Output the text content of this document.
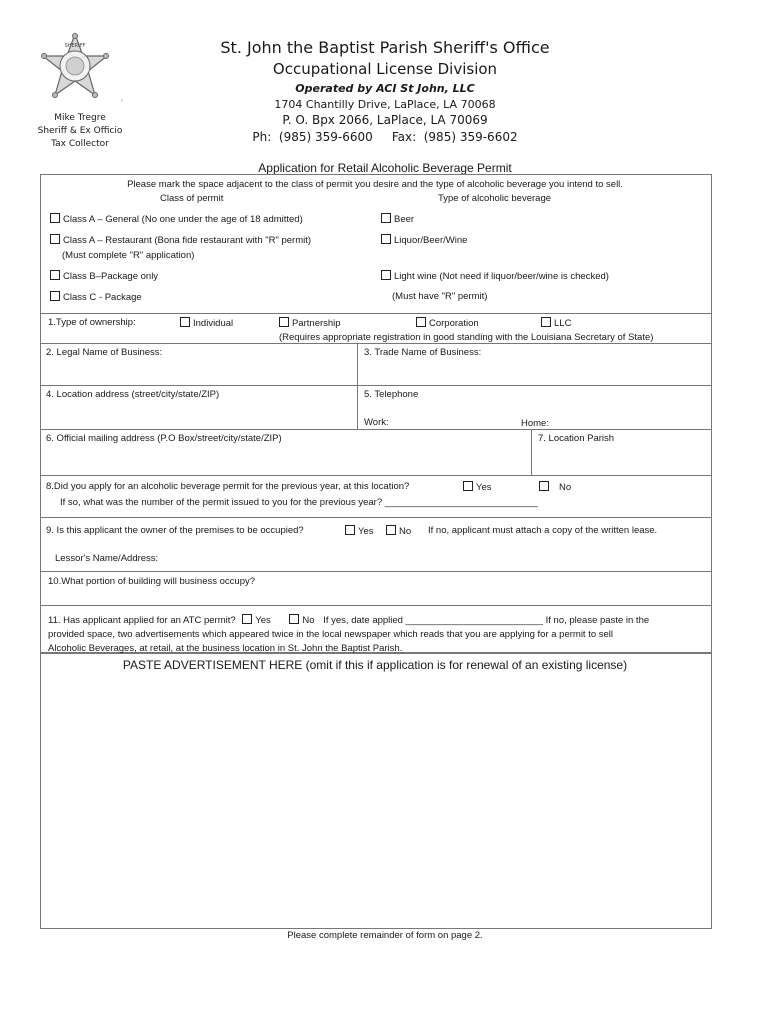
SHERIFF
‛
Mike Tregre
Sheriff & Ex Officio
Tax Collector
St. John the Baptist Parish Sheriff's Office
Occupational License Division
Operated by ACI St John, LLC
1704 Chantilly Drive, LaPlace, LA 70068
P. O. Bpx 2066, LaPlace, LA 70069
Ph:  (985) 359-6600     Fax:  (985) 359-6602
Application for Retail Alcoholic Beverage Permit
Please mark the space adjacent to the class of permit you desire and the type of alcoholic beverage you intend to sell.
Class of permit	Type of alcoholic beverage
Class A – General (No one under the age of 18 admitted)
Class A – Restaurant (Bona fide restaurant with "R" permit)
(Must complete "R" application)
Class B–Package only
Class C - Package
Beer
Liquor/Beer/Wine
Light wine (Not need if liquor/beer/wine is checked)
(Must have "R" permit)
1.Type of ownership:	Individual	Partnership	Corporation	LLC
(Requires appropriate registration in good standing with the Louisiana Secretary of State)
2. Legal Name of Business:	3. Trade Name of Business:
4. Location address (street/city/state/ZIP)	5. Telephone
Work:	Home:
6. Official mailing address (P.O Box/street/city/state/ZIP)	7. Location Parish
8.Did you apply for an alcoholic beverage permit for the previous year, at this location?	Yes	No
If so, what was the number of the permit issued to you for the previous year? _____________________________
9. Is this applicant the owner of the premises to be occupied?	Yes	No If no, applicant must attach a copy of the written lease.
Lessor's Name/Address:
10.What portion of building will business occupy?
11. Has applicant applied for an ATC permit? Yes	No If yes, date applied __________________________ If no, please paste in the
provided space, two advertisements which appeared twice in the local newspaper which reads that you are applying for a permit to sell
Alcoholic Beverages, at retail, at the business location in St. John the Baptist Parish.
PASTE ADVERTISEMENT HERE (omit if this if application is for renewal of an existing license)
Please complete remainder of form on page 2.
